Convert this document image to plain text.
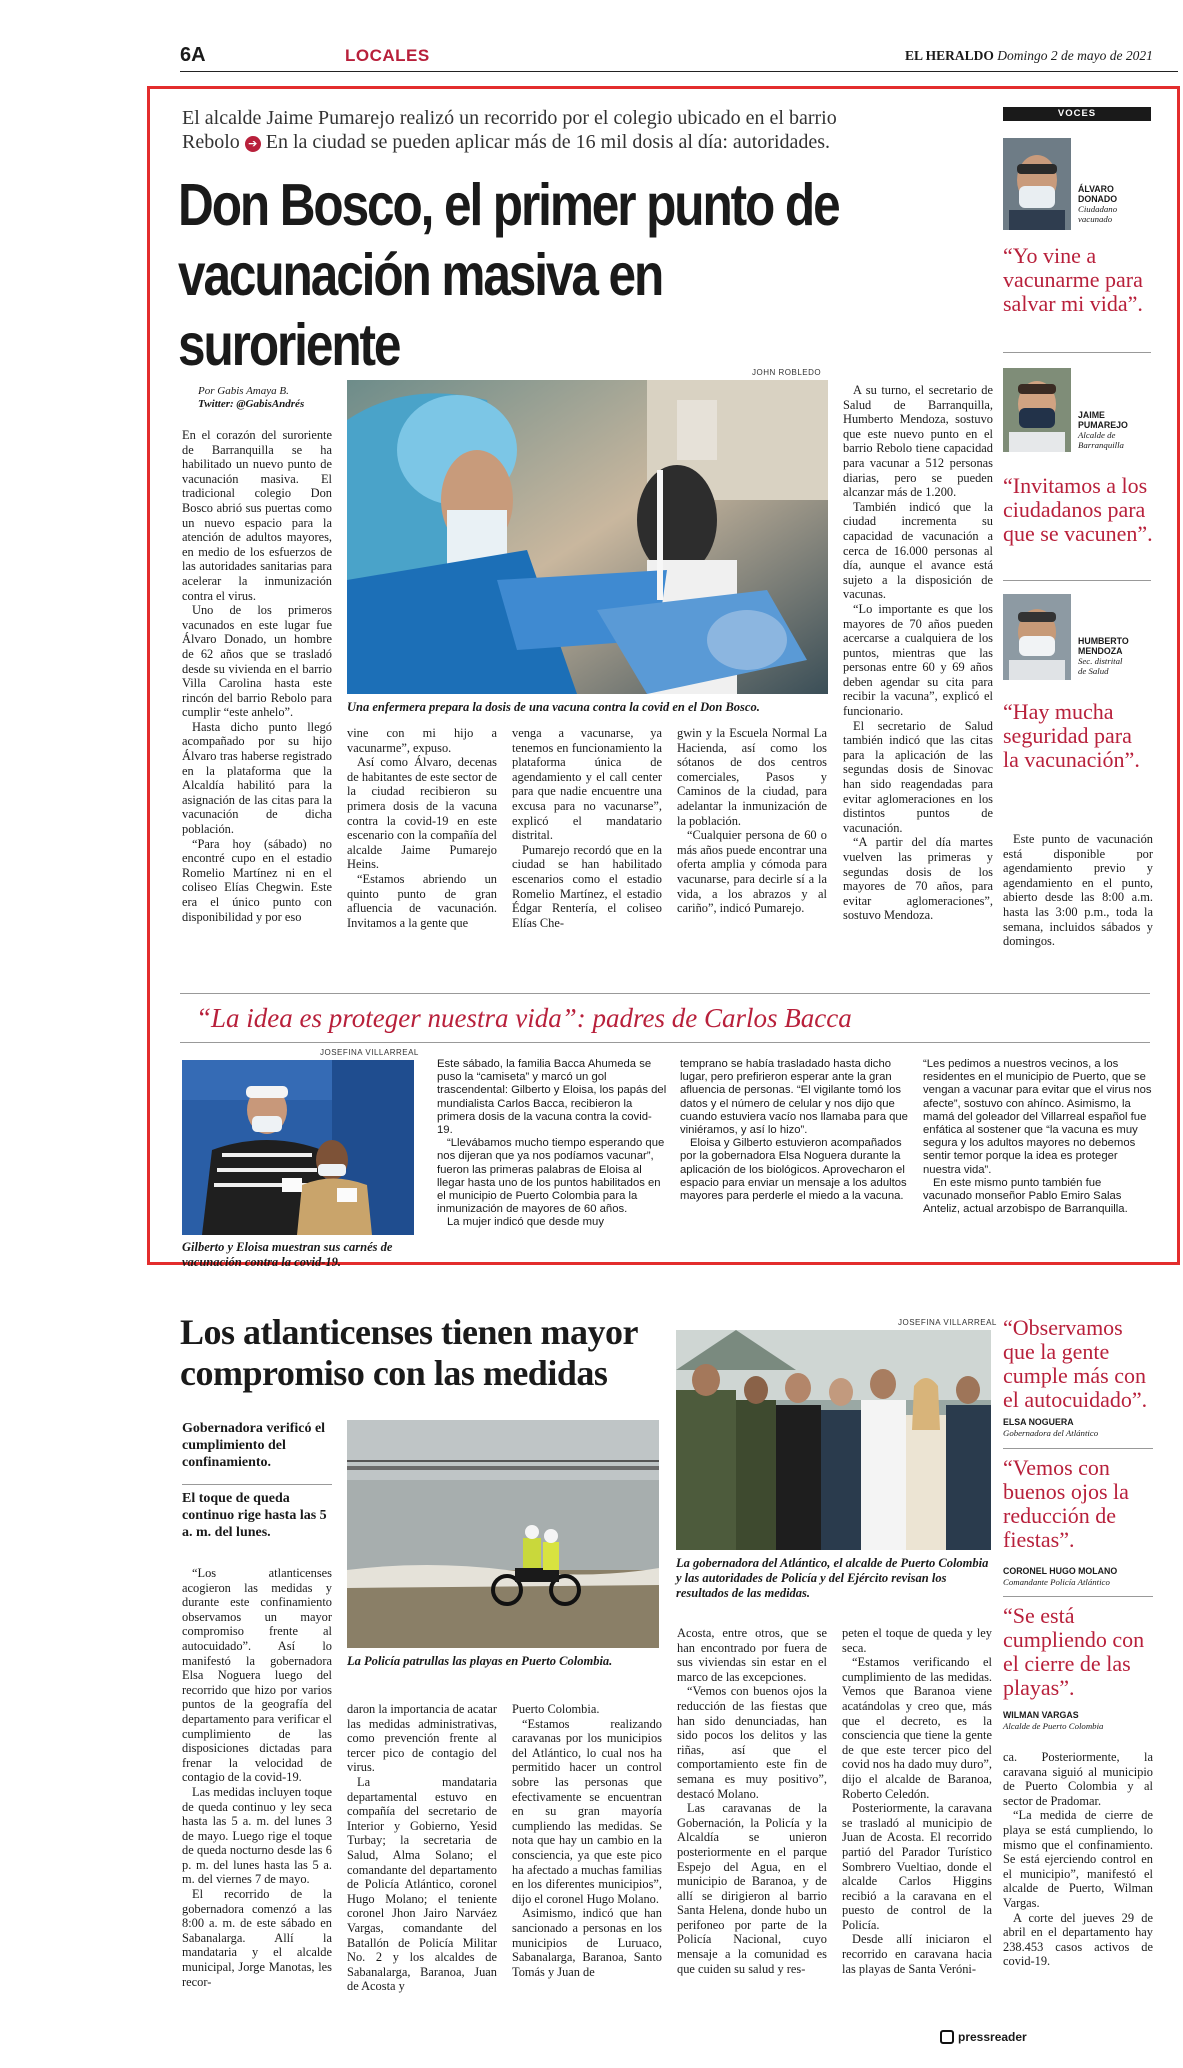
6A	LOCALES	EL HERALDO Domingo 2 de mayo de 2021
El alcalde Jaime Pumarejo realizó un recorrido por el colegio ubicado en el barrio
Rebolo ➔ En la ciudad se pueden aplicar más de 16 mil dosis al día: autoridades.
Don Bosco, el primer punto de
vacunación masiva en suroriente
Por Gabis Amaya B.
Twitter: @GabisAndrés
JOHN ROBLEDO
Una enfermera prepara la dosis de una vacuna contra la covid en el Don Bosco.

En el corazón del suroriente de Barranquilla se ha habilitado un nuevo punto de vacunación masiva. El tradicional colegio Don Bosco abrió sus puertas como un nuevo espacio para la atención de adultos mayores, en medio de los esfuerzos de las autoridades sanitarias para acelerar la inmunización contra el virus.

Uno de los primeros vacunados en este lugar fue Álvaro Donado, un hombre de 62 años que se trasladó desde su vivienda en el barrio Villa Carolina hasta este rincón del barrio Rebolo para cumplir “este anhelo”.

Hasta dicho punto llegó acompañado por su hijo Álvaro tras haberse registrado en la plataforma que la Alcaldía habilitó para la asignación de las citas para la vacunación de dicha población.

“Para hoy (sábado) no encontré cupo en el estadio Romelio Martínez ni en el coliseo Elías Chegwin. Este era el único punto con disponibilidad y por eso

vine con mi hijo a vacunarme”, expuso.

Así como Álvaro, decenas de habitantes de este sector de la ciudad recibieron su primera dosis de la vacuna contra la covid-19 en este escenario con la compañía del alcalde Jaime Pumarejo Heins.

“Estamos abriendo un quinto punto de gran afluencia de vacunación. Invitamos a la gente que

venga a vacunarse, ya tenemos en funcionamiento la plataforma única de agendamiento y el call center para que nadie encuentre una excusa para no vacunarse”, explicó el mandatario distrital.

Pumarejo recordó que en la ciudad se han habilitado escenarios como el estadio Romelio Martínez, el estadio Édgar Rentería, el coliseo Elías Che-

gwin y la Escuela Normal La Hacienda, así como los sótanos de dos centros comerciales, Pasos y Caminos de la ciudad, para adelantar la inmunización de la población.

“Cualquier persona de 60 o más años puede encontrar una oferta amplia y cómoda para vacunarse, para decirle sí a la vida, a los abrazos y al cariño”, indicó Pumarejo.

A su turno, el secretario de Salud de Barranquilla, Humberto Mendoza, sostuvo que este nuevo punto en el barrio Rebolo tiene capacidad para vacunar a 512 personas diarias, pero se pueden alcanzar más de 1.200.

También indicó que la ciudad incrementa su capacidad de vacunación a cerca de 16.000 personas al día, aunque el avance está sujeto a la disposición de vacunas.

“Lo importante es que los mayores de 70 años pueden acercarse a cualquiera de los puntos, mientras que las personas entre 60 y 69 años deben agendar su cita para recibir la vacuna”, explicó el funcionario.

El secretario de Salud también indicó que las citas para la aplicación de las segundas dosis de Sinovac han sido reagendadas para evitar aglomeraciones en los distintos puntos de vacunación.

“A partir del día martes vuelven las primeras y segundas dosis de los mayores de 70 años, para evitar aglomeraciones”, sostuvo Mendoza.

VOCES
ÁLVARO
DONADO
Ciudadano
vacunado
“Yo vine a vacunarme para salvar mi vida”.
JAIME
PUMAREJO
Alcalde de
Barranquilla
“Invitamos a los ciudadanos para que se vacunen”.
HUMBERTO
MENDOZA
Sec. distrital
de Salud
“Hay mucha seguridad para la vacunación”.
Este punto de vacunación está disponible por agendamiento previo y agendamiento en el punto, abierto desde las 8:00 a.m. hasta las 3:00 p.m., toda la semana, incluidos sábados y domingos.
“La idea es proteger nuestra vida”: padres de Carlos Bacca
JOSEFINA VILLARREAL
Gilberto y Eloisa muestran sus carnés de vacunación contra la covid-19.

Este sábado, la familia Bacca Ahumeda se puso la “camiseta” y marcó un gol trascendental: Gilberto y Eloisa, los papás del mundialista Carlos Bacca, recibieron la primera dosis de la vacuna contra la covid-19.

“Llevábamos mucho tiempo esperando que nos dijeran que ya nos podíamos vacunar”, fueron las primeras palabras de Eloisa al llegar hasta uno de los puntos habilitados en el municipio de Puerto Colombia para la inmunización de mayores de 60 años.

La mujer indicó que desde muy

temprano se había trasladado hasta dicho lugar, pero prefirieron esperar ante la gran afluencia de personas. “El vigilante tomó los datos y el número de celular y nos dijo que cuando estuviera vacío nos llamaba para que viniéramos, y así lo hizo”.

Eloisa y Gilberto estuvieron acompañados por la gobernadora Elsa Noguera durante la aplicación de los biológicos. Aprovecharon el espacio para enviar un mensaje a los adultos mayores para perderle el miedo a la vacuna.

“Les pedimos a nuestros vecinos, a los residentes en el municipio de Puerto, que se vengan a vacunar para evitar que el virus nos afecte”, sostuvo con ahínco. Asimismo, la mamá del goleador del Villarreal español fue enfática al sostener que “la vacuna es muy segura y los adultos mayores no debemos sentir temor porque la idea es proteger nuestra vida”.

En este mismo punto también fue vacunado monseñor Pablo Emiro Salas Anteliz, actual arzobispo de Barranquilla.

Los atlanticenses tienen mayor
compromiso con las medidas
Gobernadora verificó el cumplimiento del confinamiento.
El toque de queda continuo rige hasta las 5 a. m. del lunes.
La Policía patrullas las playas en Puerto Colombia.
JOSEFINA VILLARREAL
La gobernadora del Atlántico, el alcalde de Puerto Colombia y las autoridades de Policía y del Ejército revisan los resultados de las medidas.

“Los atlanticenses acogieron las medidas y durante este confinamiento observamos un mayor compromiso frente al autocuidado”. Así lo manifestó la gobernadora Elsa Noguera luego del recorrido que hizo por varios puntos de la geografía del departamento para verificar el cumplimiento de las disposiciones dictadas para frenar la velocidad de contagio de la covid-19.

Las medidas incluyen toque de queda continuo y ley seca hasta las 5 a. m. del lunes 3 de mayo. Luego rige el toque de queda nocturno desde las 6 p. m. del lunes hasta las 5 a. m. del viernes 7 de mayo.

El recorrido de la gobernadora comenzó a las 8:00 a. m. de este sábado en Sabanalarga. Allí la mandataria y el alcalde municipal, Jorge Manotas, les recor-

daron la importancia de acatar las medidas administrativas, como prevención frente al tercer pico de contagio del virus.

La mandataria departamental estuvo en compañía del secretario de Interior y Gobierno, Yesid Turbay; la secretaria de Salud, Alma Solano; el comandante del departamento de Policía Atlántico, coronel Hugo Molano; el teniente coronel Jhon Jairo Narváez Vargas, comandante del Batallón de Policía Militar No. 2 y los alcaldes de Sabanalarga, Baranoa, Juan de Acosta y

Puerto Colombia.

“Estamos realizando caravanas por los municipios del Atlántico, lo cual nos ha permitido hacer un control sobre las personas que efectivamente se encuentran en su gran mayoría cumpliendo las medidas. Se nota que hay un cambio en la consciencia, ya que este pico ha afectado a muchas familias en los diferentes municipios”, dijo el coronel Hugo Molano.

Asimismo, indicó que han sancionado a personas en los municipios de Luruaco, Sabanalarga, Baranoa, Santo Tomás y Juan de

Acosta, entre otros, que se han encontrado por fuera de sus viviendas sin estar en el marco de las excepciones.

“Vemos con buenos ojos la reducción de las fiestas que han sido denunciadas, han sido pocos los delitos y las riñas, así que el comportamiento este fin de semana es muy positivo”, destacó Molano.

Las caravanas de la Gobernación, la Policía y la Alcaldía se unieron posteriormente en el parque Espejo del Agua, en el municipio de Baranoa, y de allí se dirigieron al barrio Santa Helena, donde hubo un perifoneo por parte de la Policía Nacional, cuyo mensaje a la comunidad es que cuiden su salud y res-

peten el toque de queda y ley seca.

“Estamos verificando el cumplimiento de las medidas. Vemos que Baranoa viene acatándolas y creo que, más que el decreto, es la consciencia que tiene la gente de que este tercer pico del covid nos ha dado muy duro”, dijo el alcalde de Baranoa, Roberto Celedón.

Posteriormente, la caravana se trasladó al municipio de Juan de Acosta. El recorrido partió del Parador Turístico Sombrero Vueltiao, donde el alcalde Carlos Higgins recibió a la caravana en el puesto de control de la Policía.

Desde allí iniciaron el recorrido en caravana hacia las playas de Santa Veróni-

“Observamos que la gente cumple más con el autocuidado”.
ELSA NOGUERA
Gobernadora del Atlántico
“Vemos con buenos ojos la reducción de fiestas”.
CORONEL HUGO MOLANO
Comandante Policía Atlántico
“Se está cumpliendo con el cierre de las playas”.
WILMAN VARGAS
Alcalde de Puerto Colombia

ca. Posteriormente, la caravana siguió al municipio de Puerto Colombia y al sector de Pradomar.

“La medida de cierre de playa se está cumpliendo, lo mismo que el confinamiento. Se está ejerciendo control en el municipio”, manifestó el alcalde de Puerto, Wilman Vargas.

A corte del jueves 29 de abril en el departamento hay 238.453 casos activos de covid-19.

pressreader
